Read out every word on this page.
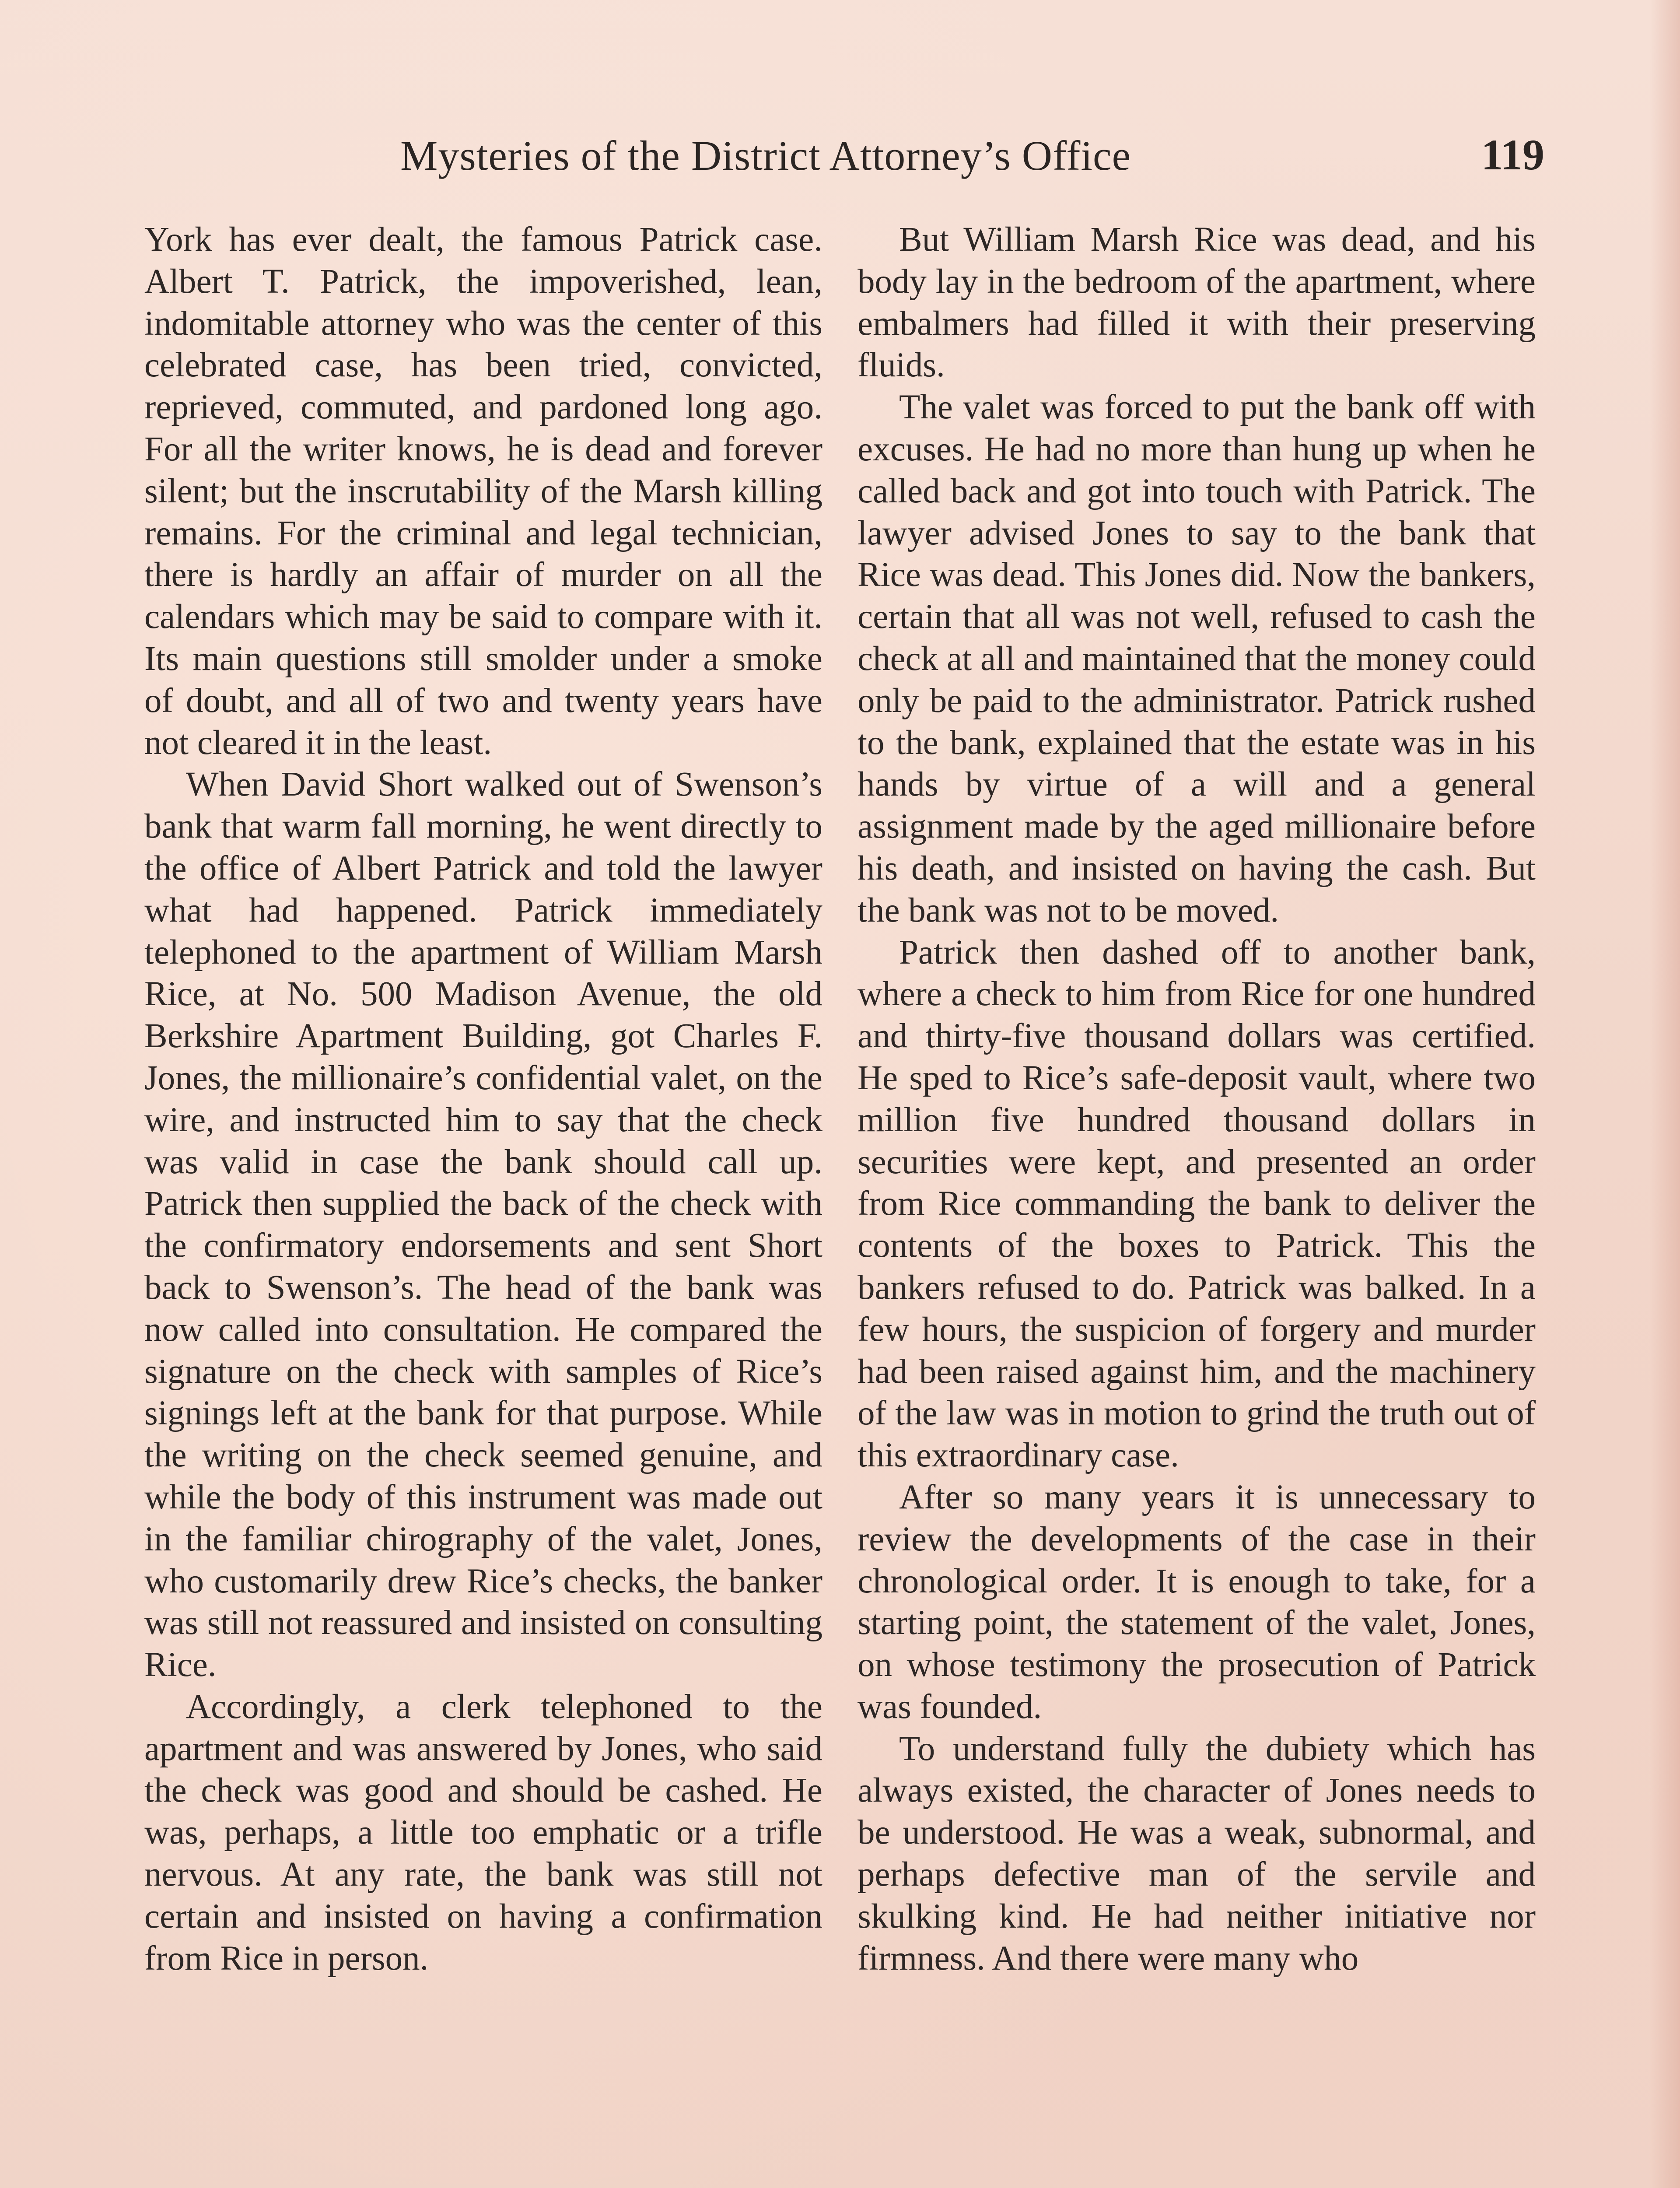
Mysteries of the District Attorney’s Office	119

York has ever dealt, the famous Patrick case. Albert T. Patrick, the impoverished, lean, indomitable attorney who was the center of this celebrated case, has been tried, convicted, reprieved, commuted, and pardoned long ago. For all the writer knows, he is dead and forever silent; but the inscrutability of the Marsh killing remains. For the criminal and legal technician, there is hardly an affair of murder on all the calendars which may be said to compare with it. Its main questions still smolder under a smoke of doubt, and all of two and twenty years have not cleared it in the least.

When David Short walked out of Swenson’s bank that warm fall morning, he went directly to the office of Albert Patrick and told the lawyer what had happened. Patrick immediately telephoned to the apartment of William Marsh Rice, at No. 500 Madison Avenue, the old Berkshire Apartment Building, got Charles F. Jones, the millionaire’s confidential valet, on the wire, and instructed him to say that the check was valid in case the bank should call up. Patrick then supplied the back of the check with the confirmatory endorsements and sent Short back to Swenson’s. The head of the bank was now called into consultation. He compared the signature on the check with samples of Rice’s signings left at the bank for that purpose. While the writing on the check seemed genuine, and while the body of this instrument was made out in the familiar chirography of the valet, Jones, who customarily drew Rice’s checks, the banker was still not reassured and insisted on consulting Rice.

Accordingly, a clerk telephoned to the apartment and was answered by Jones, who said the check was good and should be cashed. He was, perhaps, a little too emphatic or a trifle nervous. At any rate, the bank was still not certain and insisted on having a confirmation from Rice in person.

But William Marsh Rice was dead, and his body lay in the bedroom of the apartment, where embalmers had filled it with their preserving fluids.

The valet was forced to put the bank off with excuses. He had no more than hung up when he called back and got into touch with Patrick. The lawyer advised Jones to say to the bank that Rice was dead. This Jones did. Now the bankers, certain that all was not well, refused to cash the check at all and maintained that the money could only be paid to the administrator. Patrick rushed to the bank, explained that the estate was in his hands by virtue of a will and a general assignment made by the aged millionaire before his death, and insisted on having the cash. But the bank was not to be moved.

Patrick then dashed off to another bank, where a check to him from Rice for one hundred and thirty-five thousand dollars was certified. He sped to Rice’s safe-deposit vault, where two million five hundred thousand dollars in securities were kept, and presented an order from Rice commanding the bank to deliver the contents of the boxes to Patrick. This the bankers refused to do. Patrick was balked. In a few hours, the suspicion of forgery and murder had been raised against him, and the machinery of the law was in motion to grind the truth out of this extraordinary case.

After so many years it is unnecessary to review the developments of the case in their chronological order. It is enough to take, for a starting point, the statement of the valet, Jones, on whose testimony the prosecution of Patrick was founded.

To understand fully the dubiety which has always existed, the character of Jones needs to be understood. He was a weak, subnormal, and perhaps defective man of the servile and skulking kind. He had neither initiative nor firmness. And there were many who
